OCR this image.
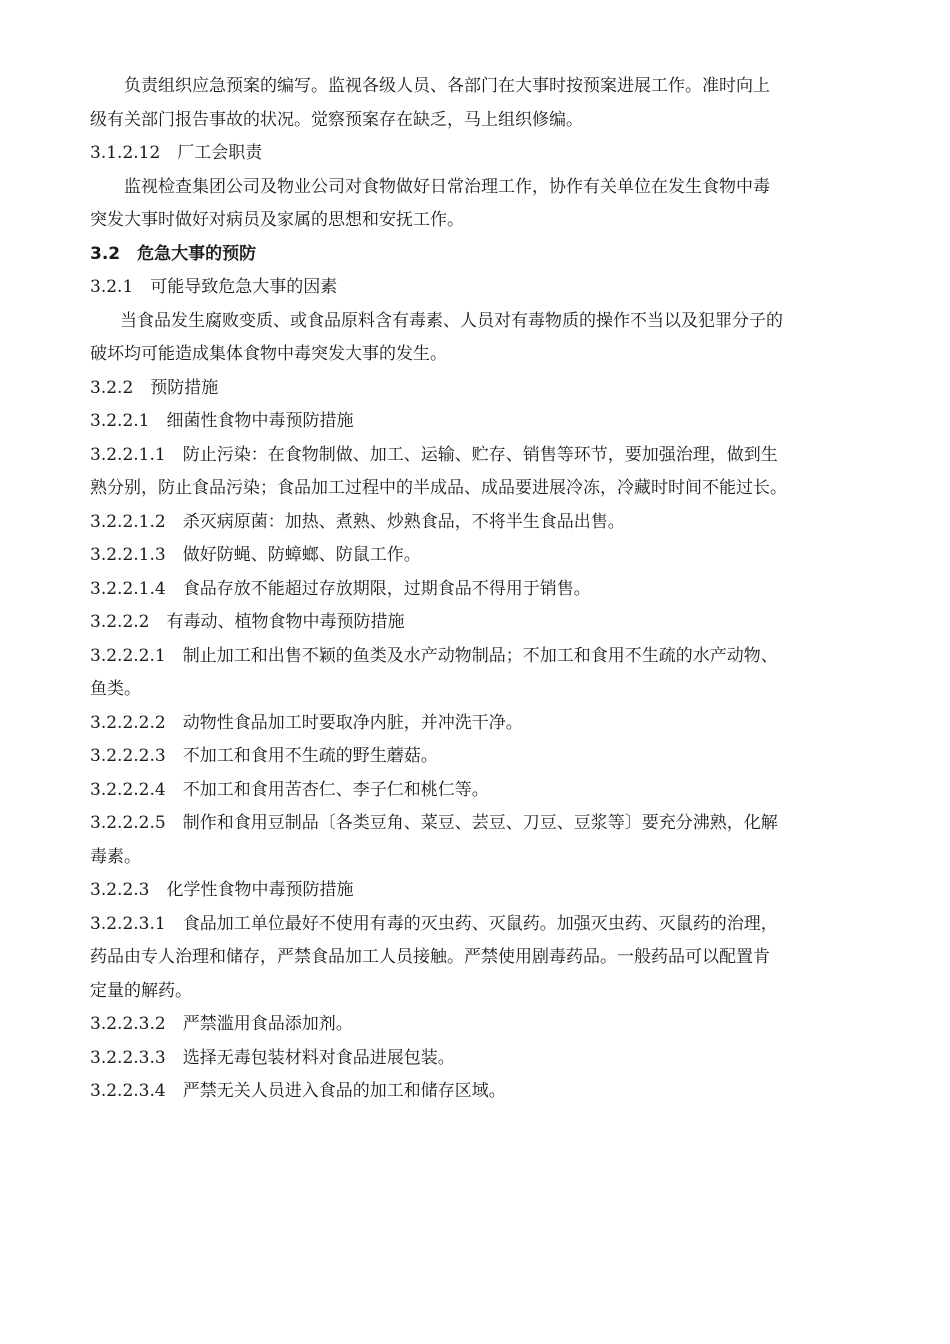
负责组织应急预案的编写。监视各级人员、各部门在大事时按预案进展工作。准时向上
级有关部门报告事故的状况。觉察预案存在缺乏，马上组织修编。
3.1.2.12 厂工会职责
监视检查集团公司及物业公司对食物做好日常治理工作，协作有关单位在发生食物中毒
突发大事时做好对病员及家属的思想和安抚工作。
3.2 危急大事的预防
3.2.1 可能导致危急大事的因素
当食品发生腐败变质、或食品原料含有毒素、人员对有毒物质的操作不当以及犯罪分子的
破坏均可能造成集体食物中毒突发大事的发生。
3.2.2 预防措施
3.2.2.1 细菌性食物中毒预防措施
3.2.2.1.1 防止污染：在食物制做、加工、运输、贮存、销售等环节，要加强治理，做到生
熟分别，防止食品污染；食品加工过程中的半成品、成品要进展冷冻，冷藏时时间不能过长。
3.2.2.1.2 杀灭病原菌：加热、煮熟、炒熟食品，不将半生食品出售。
3.2.2.1.3 做好防蝇、防蟑螂、防鼠工作。
3.2.2.1.4 食品存放不能超过存放期限，过期食品不得用于销售。
3.2.2.2 有毒动、植物食物中毒预防措施
3.2.2.2.1 制止加工和出售不颖的鱼类及水产动物制品；不加工和食用不生疏的水产动物、
鱼类。
3.2.2.2.2 动物性食品加工时要取净内脏，并冲洗干净。
3.2.2.2.3 不加工和食用不生疏的野生蘑菇。
3.2.2.2.4 不加工和食用苦杏仁、李子仁和桃仁等。
3.2.2.2.5 制作和食用豆制品〔各类豆角、菜豆、芸豆、刀豆、豆浆等〕要充分沸熟，化解
毒素。
3.2.2.3 化学性食物中毒预防措施
3.2.2.3.1 食品加工单位最好不使用有毒的灭虫药、灭鼠药。加强灭虫药、灭鼠药的治理，
药品由专人治理和储存，严禁食品加工人员接触。严禁使用剧毒药品。一般药品可以配置肯
定量的解药。
3.2.2.3.2 严禁滥用食品添加剂。
3.2.2.3.3 选择无毒包装材料对食品进展包装。
3.2.2.3.4 严禁无关人员进入食品的加工和储存区域。
